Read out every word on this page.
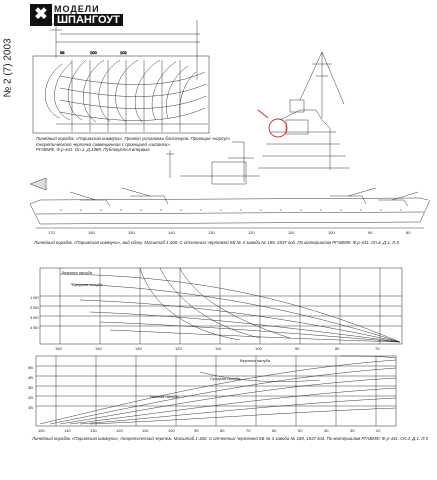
✖ МОДЕЛИ
ШПАНГОУТ
№ 2 (7) 2003	98	100	102
170	160	150	140	130	120	110	100	90	80
Верхняя палуба
Средняя палуба
1 ВЛ
2 ВЛ
3 ВЛ
4 ВЛ
150	140	130	120	110	100	90	80	70
Верхняя палуба
Средняя палуба
Нижняя палуба
5В
4В
3В
2В
1В
150	140	130	120	110	100	90	80	70	60	50	40	30	20
Линейный корабль «Парижская коммуна». Проект установки блистеров. Проекция «корпус»
теоретического чертежа совмещенная с проекцией «штанги».
РГАВМФ. Ф.р-441. Оп.1. Д.1088. Публикуется впервые
Линейный корабль «Парижская коммуна», вид сбоку. Масштаб 1:400. С отчетных чертежей КБ № 4 завода № 189, 1937 год. По материалам РГАВМФ: Ф.р-441. Оп.4. Д.1, Л.5
Линейный корабль «Парижская коммуна», теоретический чертеж. Масштаб 1:400. С отчетных чертежей КБ № 4 завода № 189, 1937 год. По материалам РГАВМФ: Ф.р-441. Оп.4. Д.1. Л.5
